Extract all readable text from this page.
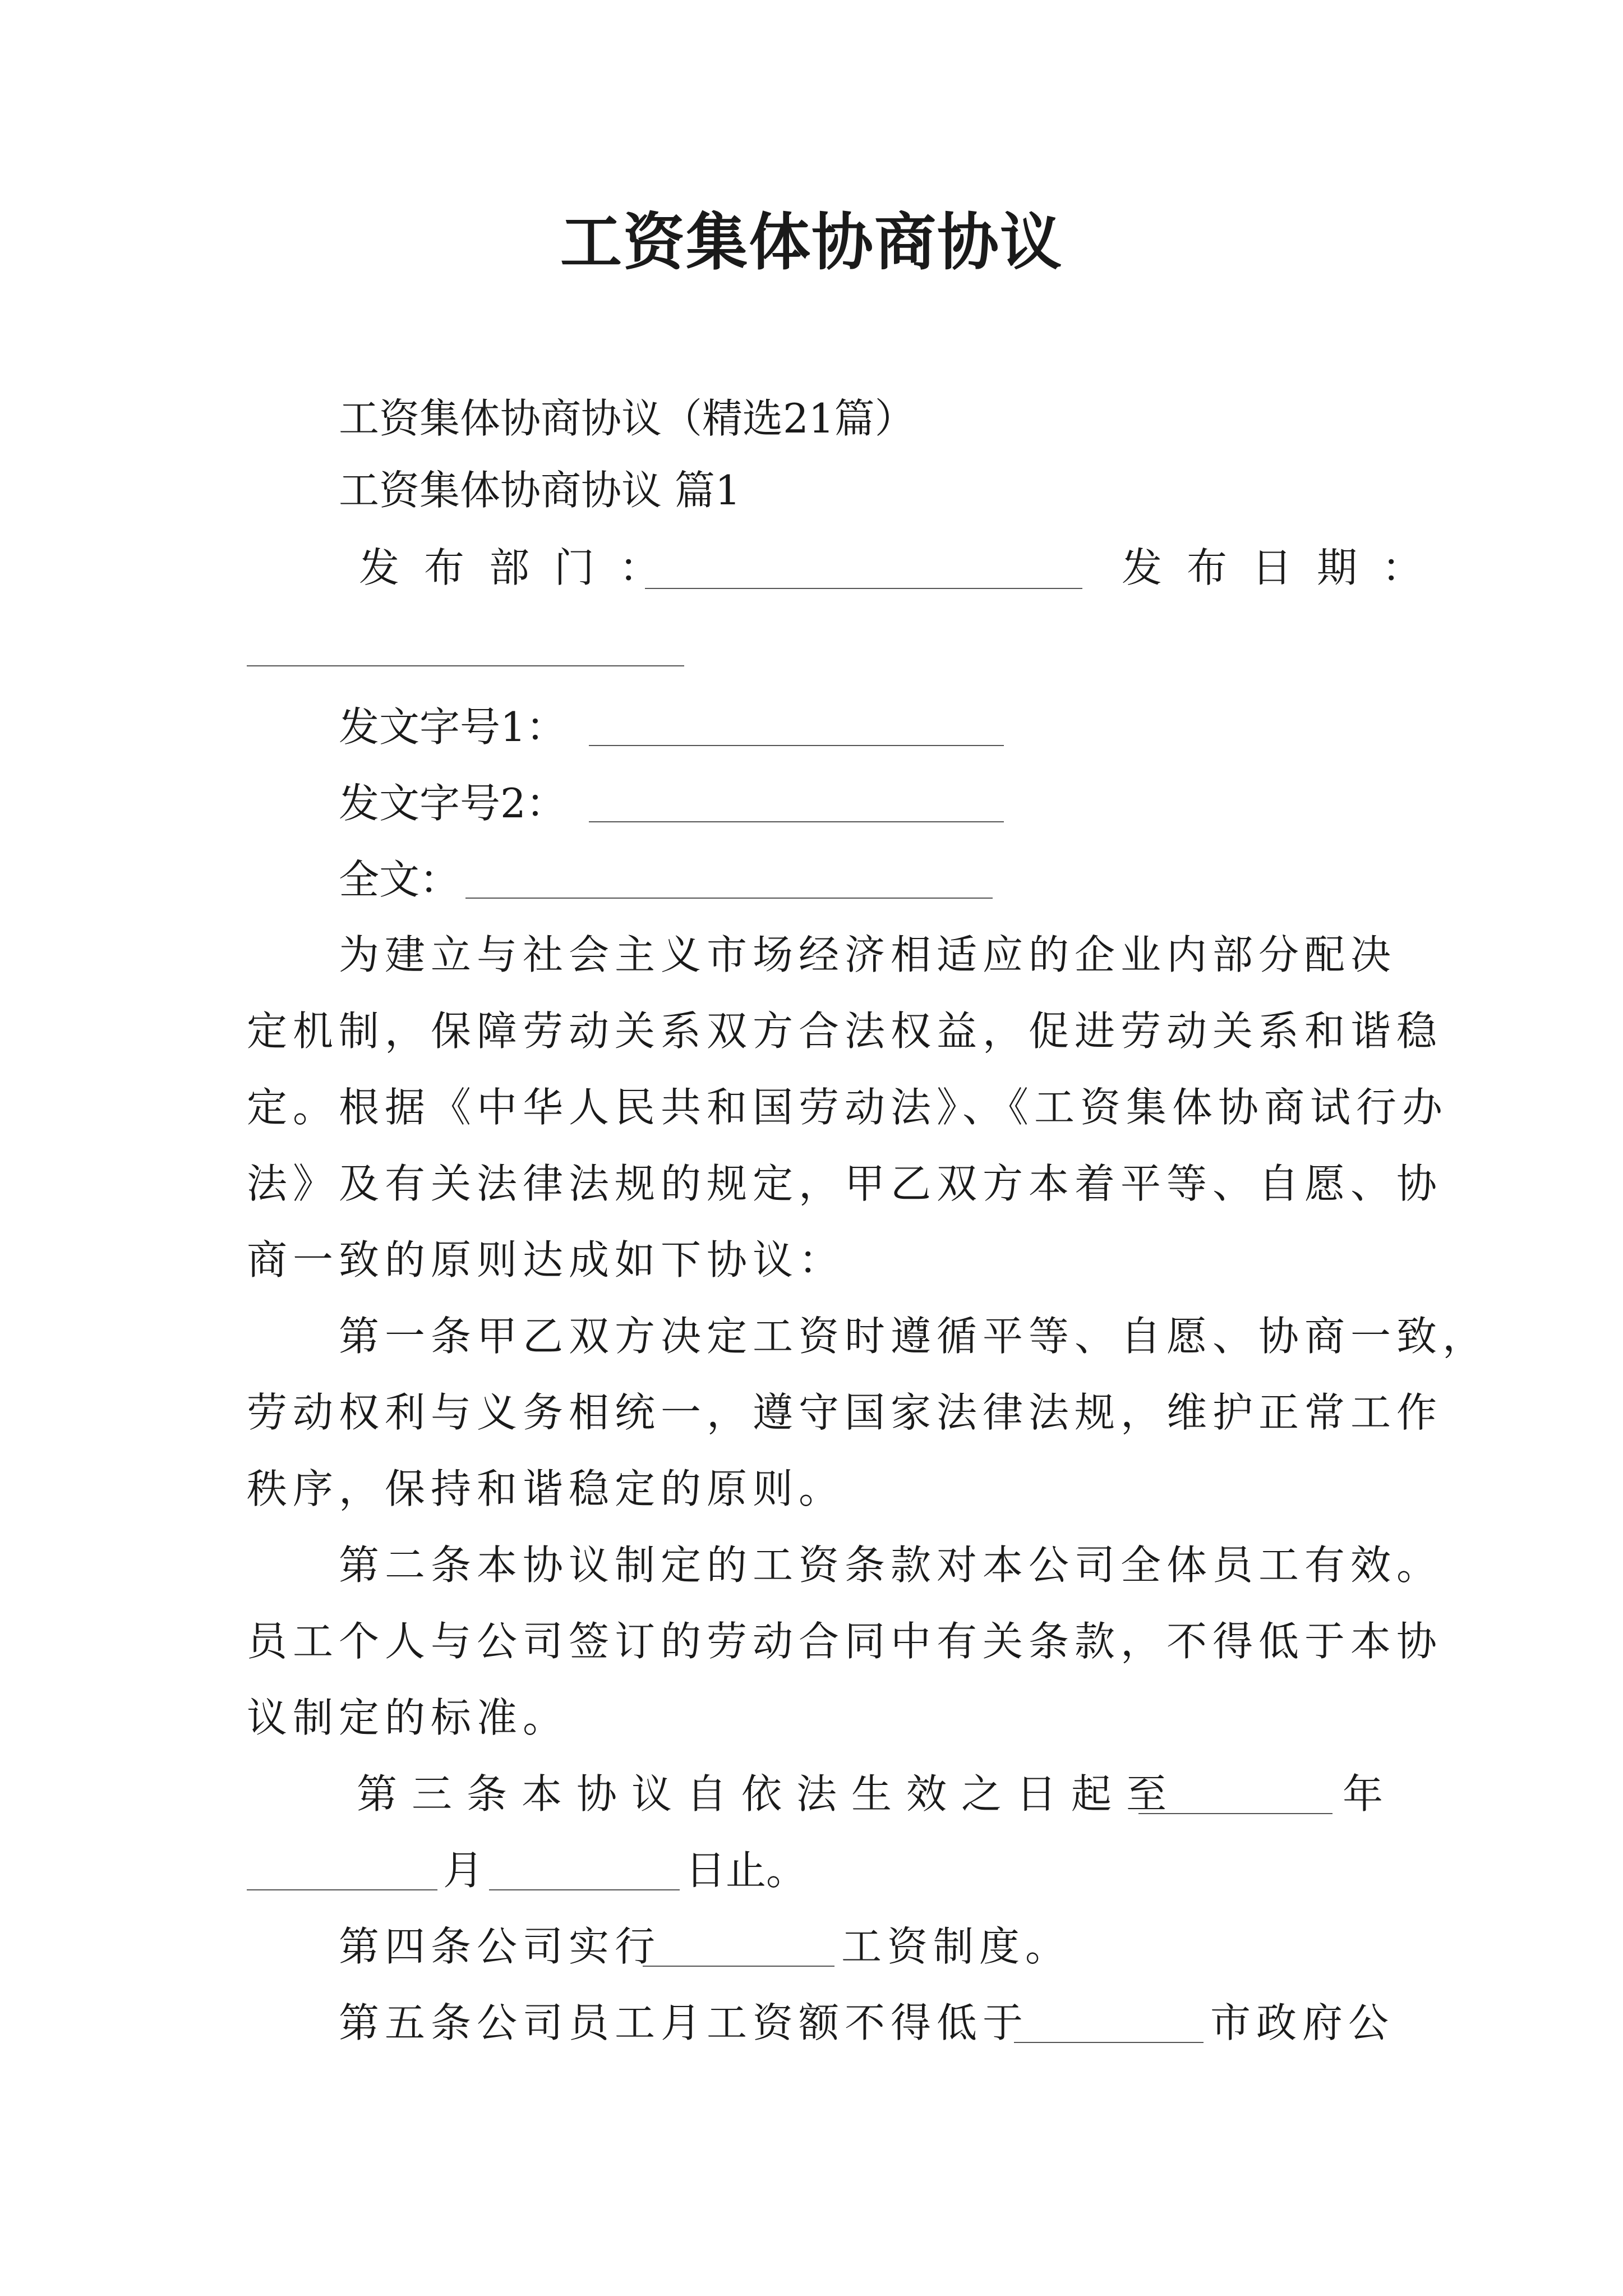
工资集体协商协议
工资集体协商协议（精选21篇）
工资集体协商协议 篇1
发布部门：	发布日期：
发文字号1：
发文字号2：
全文：
为建立与社会主义市场经济相适应的企业内部分配决
定机制，保障劳动关系双方合法权益，促进劳动关系和谐稳
定。根据《中华人民共和国劳动法》、《工资集体协商试行办
法》及有关法律法规的规定，甲乙双方本着平等、自愿、协
商一致的原则达成如下协议：
第一条甲乙双方决定工资时遵循平等、自愿、协商一致，
劳动权利与义务相统一，遵守国家法律法规，维护正常工作
秩序，保持和谐稳定的原则。
第二条本协议制定的工资条款对本公司全体员工有效。
员工个人与公司签订的劳动合同中有关条款，不得低于本协
议制定的标准。
第三条本协议自依法生效之日起至	年
月	日止。
第四条公司实行	工资制度。
第五条公司员工月工资额不得低于	市政府公
